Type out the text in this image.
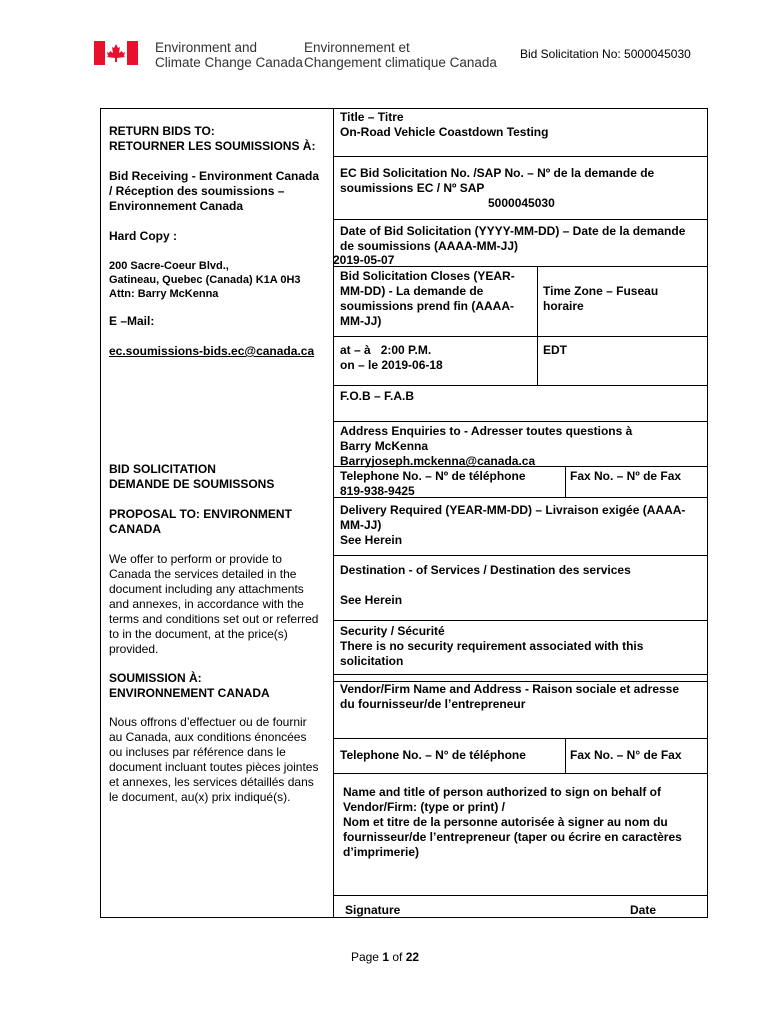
Environment and
Climate Change Canada
Environnement et
Changement climatique Canada
Bid Solicitation No: 5000045030
RETURN BIDS TO:
RETOURNER LES SOUMISSIONS À:
Bid Receiving - Environment Canada
/ Réception des soumissions –
Environnement Canada
Hard Copy :
200 Sacre-Coeur Blvd.,
Gatineau, Quebec (Canada) K1A 0H3
Attn: Barry McKenna
E –Mail:
ec.soumissions-bids.ec@canada.ca
BID SOLICITATION
DEMANDE DE SOUMISSONS
PROPOSAL TO: ENVIRONMENT
CANADA
We offer to perform or provide to
Canada the services detailed in the
document including any attachments
and annexes, in accordance with the
terms and conditions set out or referred
to in the document, at the price(s)
provided.
SOUMISSION À:
ENVIRONNEMENT CANADA
Nous offrons d’effectuer ou de fournir
au Canada, aux conditions énoncées
ou incluses par référence dans le
document incluant toutes pièces jointes
et annexes, les services détaillés dans
le document, au(x) prix indiqué(s).
Title – Titre
On-Road Vehicle Coastdown Testing
EC Bid Solicitation No. /SAP No. – Nº de la demande de
soumissions EC / Nº SAP
5000045030
Date of Bid Solicitation (YYYY-MM-DD) – Date de la demande
de soumissions (AAAA-MM-JJ)
2019-05-07
Bid Solicitation Closes (YEAR-
MM-DD) - La demande de
soumissions prend fin (AAAA-
MM-JJ)
Time Zone – Fuseau
horaire
at – à   2:00 P.M.
on – le 2019-06-18
EDT
F.O.B – F.A.B
Address Enquiries to - Adresser toutes questions à
Barry McKenna
Barryjoseph.mckenna@canada.ca
Telephone No. – Nº de téléphone
819-938-9425
Fax No. – Nº de Fax
Delivery Required (YEAR-MM-DD) – Livraison exigée (AAAA-
MM-JJ)
See Herein
Destination - of Services / Destination des services
See Herein
Security / Sécurité
There is no security requirement associated with this
solicitation
Vendor/Firm Name and Address - Raison sociale et adresse
du fournisseur/de l’entrepreneur
Telephone No. – N° de téléphone	Fax No. – N° de Fax
Name and title of person authorized to sign on behalf of
Vendor/Firm: (type or print) /
Nom et titre de la personne autorisée à signer au nom du
fournisseur/de l’entrepreneur (taper ou écrire en caractères
d’imprimerie)
Signature	Date
Page 1 of 22
